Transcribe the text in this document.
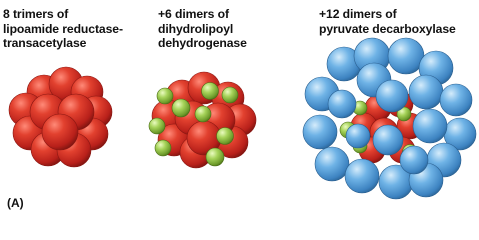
8 trimers of
lipoamide reductase-
transacetylase
+6 dimers of
dihydrolipoyl
dehydrogenase
+12 dimers of
pyruvate decarboxylase
(A)
